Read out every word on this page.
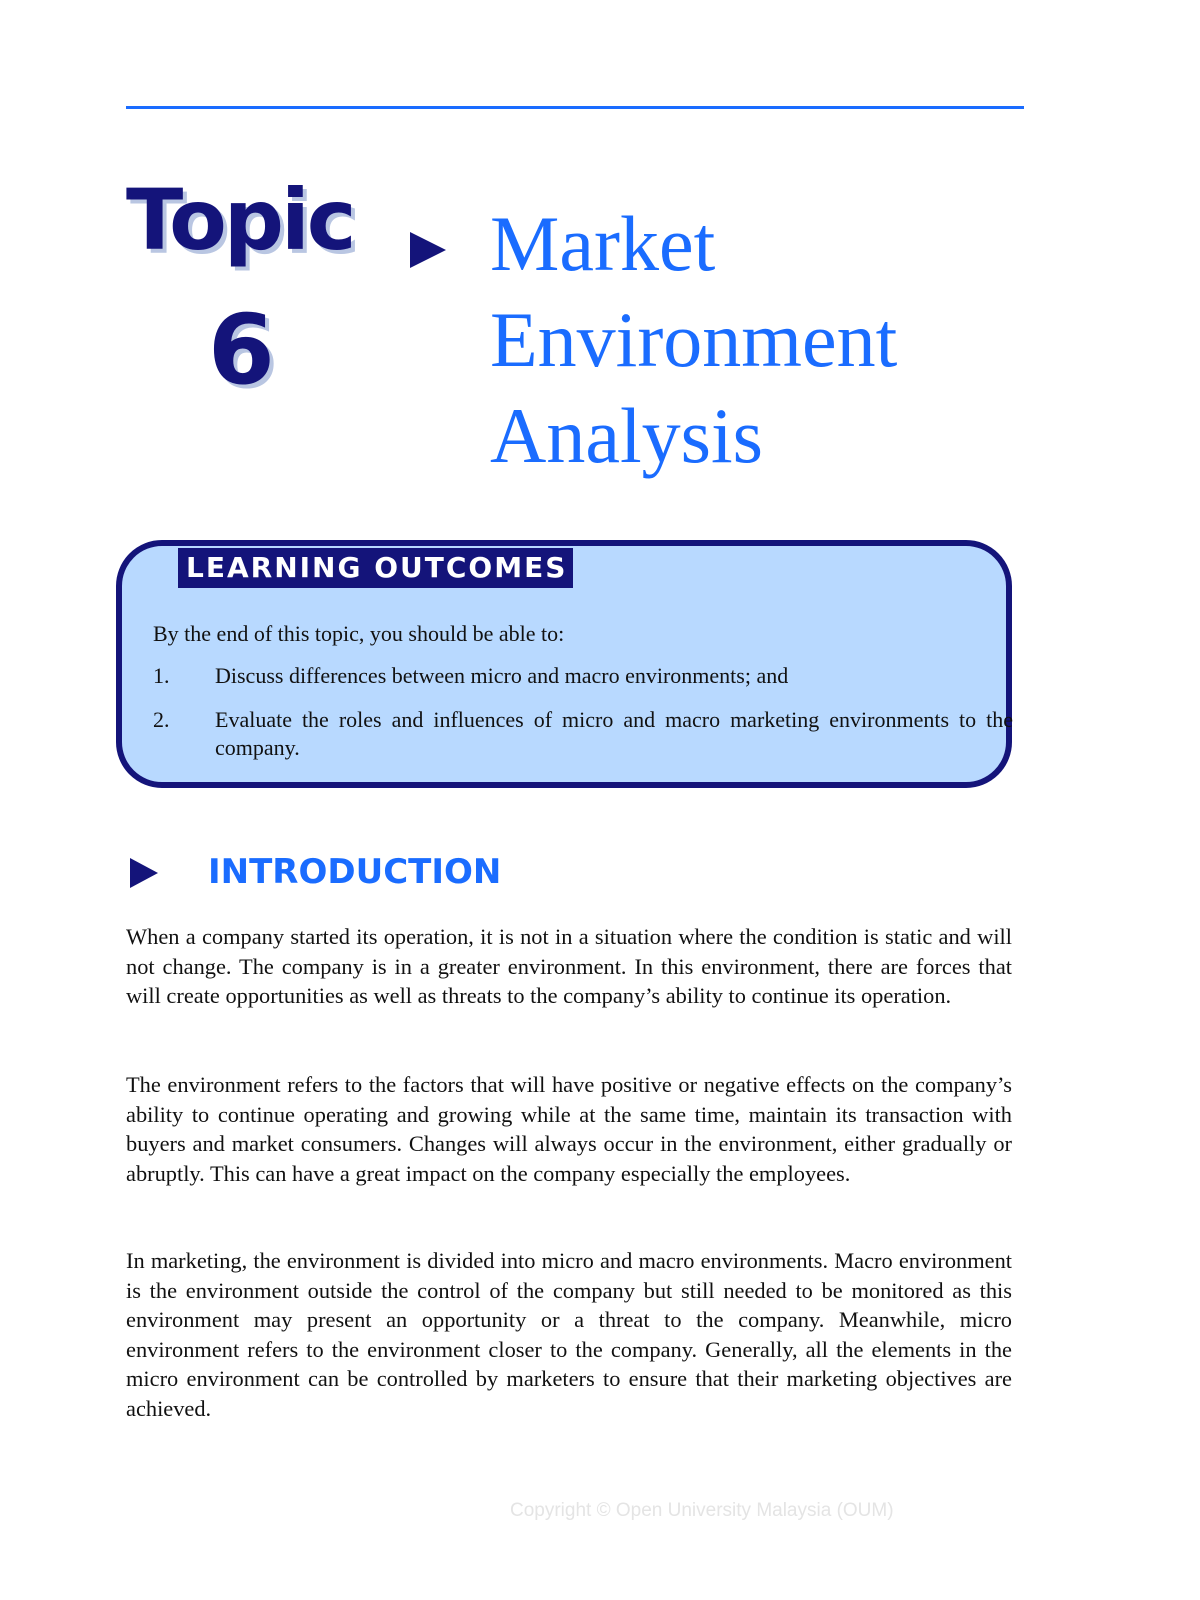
Topic
6
Market
Environment
Analysis
LEARNING OUTCOMES
By the end of this topic, you should be able to:
1. Discuss differences between micro and macro environments; and
2. Evaluate the roles and influences of micro and macro marketing environments to the company.
INTRODUCTION

When a company started its operation, it is not in a situation where the condition is static and will not change. The company is in a greater environment. In this environment, there are forces that will create opportunities as well as threats to the company’s ability to continue its operation.

The environment refers to the factors that will have positive or negative effects on the company’s ability to continue operating and growing while at the same time, maintain its transaction with buyers and market consumers. Changes will always occur in the environment, either gradually or abruptly. This can have a great impact on the company especially the employees.

In marketing, the environment is divided into micro and macro environments. Macro environment is the environment outside the control of the company but still needed to be monitored as this environment may present an opportunity or a threat to the company. Meanwhile, micro environment refers to the environment closer to the company. Generally, all the elements in the micro environment can be controlled by marketers to ensure that their marketing objectives are achieved.

Copyright © Open University Malaysia (OUM)
